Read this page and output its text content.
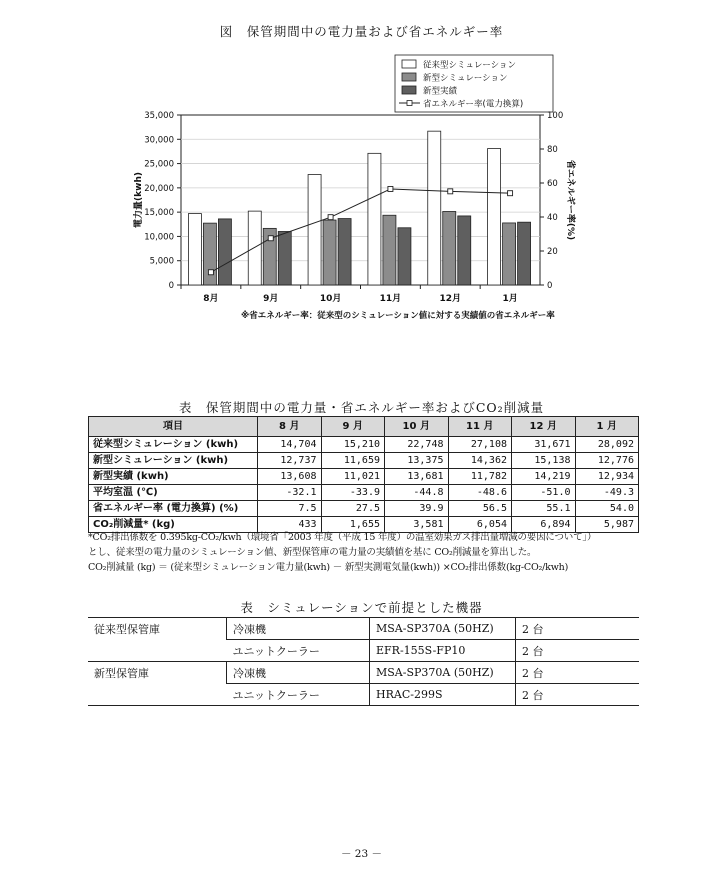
図　保管期間中の電力量および省エネルギー率
従来型シミュレーション
新型シミュレーション
新型実績
省エネルギー率(電力換算)
0
5,000
10,000
15,000
20,000
25,000
30,000
35,000
0
20
40
60
80
100
8月	9月	10月	11月	12月	1月
電力量(kwh)	省エネルギー率(%)
※省エネルギー率：従来型のシミュレーション値に対する実績値の省エネルギー率
表　保管期間中の電力量・省エネルギー率およびCO₂削減量
項目	8 月	9 月	10 月	11 月	12 月	1 月
従来型シミュレーション (kwh)	14,704	15,210	22,748	27,108	31,671	28,092
新型シミュレーション (kwh)	12,737	11,659	13,375	14,362	15,138	12,776
新型実績 (kwh)	13,608	11,021	13,681	11,782	14,219	12,934
平均室温 (℃)	-32.1	-33.9	-44.8	-48.6	-51.0	-49.3
省エネルギー率 (電力換算) (%)	7.5	27.5	39.9	56.5	55.1	54.0
CO₂削減量* (kg)	433	1,655	3,581	6,054	6,894	5,987
*CO₂排出係数を 0.395kg-CO₂/kwh（環境省「2003 年度（平成 15 年度）の温室効果ガス排出量増減の要因について」）
とし、従来型の電力量のシミュレーション値、新型保管庫の電力量の実績値を基に CO₂削減量を算出した。
CO₂削減量 (kg) ＝ (従来型シミュレーション電力量(kwh) － 新型実測電気量(kwh)) ×CO₂排出係数(kg-CO₂/kwh)
表　シミュレーションで前提とした機器
従来型保管庫	冷凍機	MSA-SP370A (50HZ)	2 台
	ユニットクーラー	EFR-155S-FP10	2 台
新型保管庫	冷凍機	MSA-SP370A (50HZ)	2 台
	ユニットクーラー	HRAC-299S	2 台
－ 23 －
